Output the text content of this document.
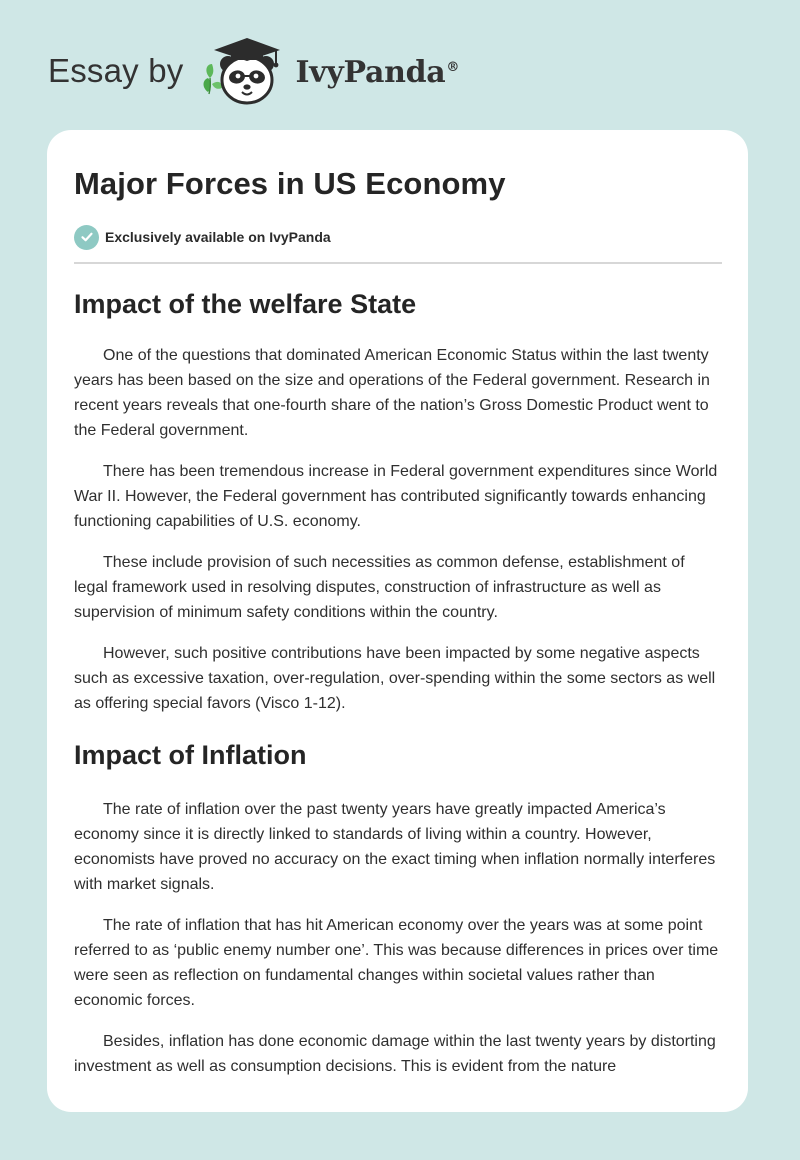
Essay by	IvyPanda®
Major Forces in US Economy
Exclusively available on IvyPanda
Impact of the welfare State

One of the questions that dominated American Economic Status within the last twenty years has been based on the size and operations of the Federal government. Research in recent years reveals that one-fourth share of the nation’s Gross Domestic Product went to the Federal government.

There has been tremendous increase in Federal government expenditures since World War II. However, the Federal government has contributed significantly towards enhancing functioning capabilities of U.S. economy.

These include provision of such necessities as common defense, establishment of legal framework used in resolving disputes, construction of infrastructure as well as supervision of minimum safety conditions within the country.

However, such positive contributions have been impacted by some negative aspects such as excessive taxation, over-regulation, over-spending within the some sectors as well as offering special favors (Visco 1-12).

Impact of Inflation

The rate of inflation over the past twenty years have greatly impacted America’s economy since it is directly linked to standards of living within a country. However, economists have proved no accuracy on the exact timing when inflation normally interferes with market signals.

The rate of inflation that has hit American economy over the years was at some point referred to as ‘public enemy number one’. This was because differences in prices over time were seen as reflection on fundamental changes within societal values rather than economic forces.

Besides, inflation has done economic damage within the last twenty years by distorting investment as well as consumption decisions. This is evident from the nature
